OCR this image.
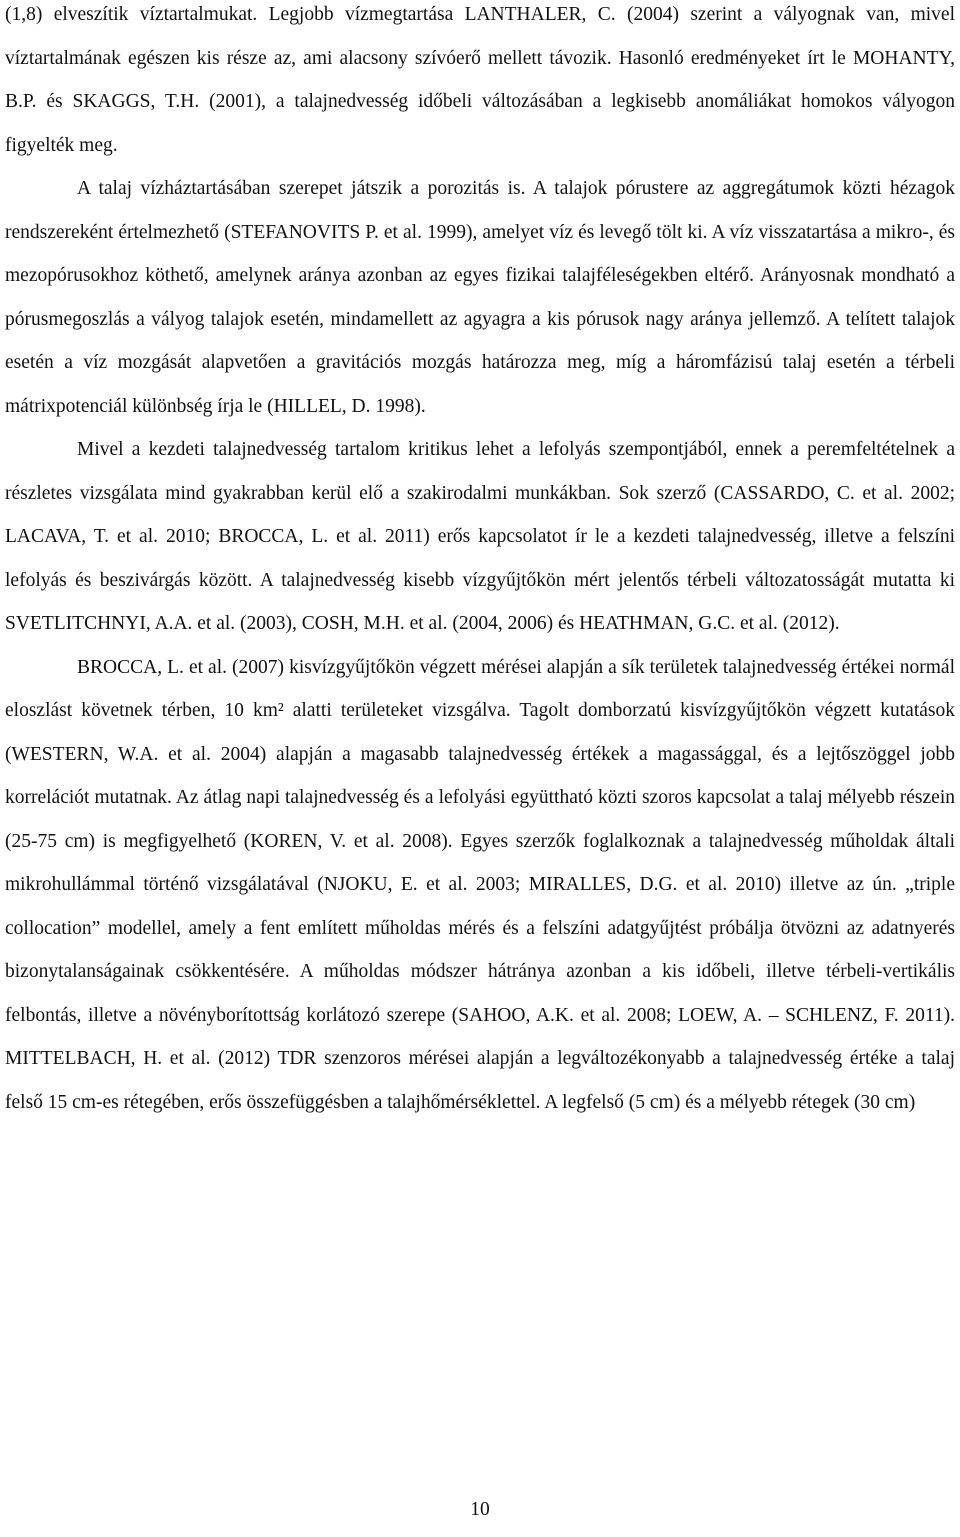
(1,8) elveszítik víztartalmukat. Legjobb vízmegtartása LANTHALER, C. (2004) szerint a vályognak van, mivel víztartalmának egészen kis része az, ami alacsony szívóerő mellett távozik. Hasonló eredményeket írt le MOHANTY, B.P. és SKAGGS, T.H. (2001), a talajnedvesség időbeli változásában a legkisebb anomáliákat homokos vályogon figyelték meg.

A talaj vízháztartásában szerepet játszik a porozitás is. A talajok pórustere az aggregátumok közti hézagok rendszereként értelmezhető (STEFANOVITS P. et al. 1999), amelyet víz és levegő tölt ki. A víz visszatartása a mikro-, és mezopórusokhoz köthető, amelynek aránya azonban az egyes fizikai talajféleségekben eltérő. Arányosnak mondható a pórusmegoszlás a vályog talajok esetén, mindamellett az agyagra a kis pórusok nagy aránya jellemző. A telített talajok esetén a víz mozgását alapvetően a gravitációs mozgás határozza meg, míg a háromfázisú talaj esetén a térbeli mátrixpotenciál különbség írja le (HILLEL, D. 1998).

Mivel a kezdeti talajnedvesség tartalom kritikus lehet a lefolyás szempontjából, ennek a peremfeltételnek a részletes vizsgálata mind gyakrabban kerül elő a szakirodalmi munkákban. Sok szerző (CASSARDO, C. et al. 2002; LACAVA, T. et al. 2010; BROCCA, L. et al. 2011) erős kapcsolatot ír le a kezdeti talajnedvesség, illetve a felszíni lefolyás és beszivárgás között. A talajnedvesség kisebb vízgyűjtőkön mért jelentős térbeli változatosságát mutatta ki SVETLITCHNYI, A.A. et al. (2003), COSH, M.H. et al. (2004, 2006) és HEATHMAN, G.C. et al. (2012).

BROCCA, L. et al. (2007) kisvízgyűjtőkön végzett mérései alapján a sík területek talajnedvesség értékei normál eloszlást követnek térben, 10 km² alatti területeket vizsgálva. Tagolt domborzatú kisvízgyűjtőkön végzett kutatások (WESTERN, W.A. et al. 2004) alapján a magasabb talajnedvesség értékek a magassággal, és a lejtőszöggel jobb korrelációt mutatnak. Az átlag napi talajnedvesség és a lefolyási együttható közti szoros kapcsolat a talaj mélyebb részein (25-75 cm) is megfigyelhető (KOREN, V. et al. 2008). Egyes szerzők foglalkoznak a talajnedvesség műholdak általi mikrohullámmal történő vizsgálatával (NJOKU, E. et al. 2003; MIRALLES, D.G. et al. 2010) illetve az ún. „triple collocation” modellel, amely a fent említett műholdas mérés és a felszíni adatgyűjtést próbálja ötvözni az adatnyerés bizonytalanságainak csökkentésére. A műholdas módszer hátránya azonban a kis időbeli, illetve térbeli-vertikális felbontás, illetve a növényborítottság korlátozó szerepe (SAHOO, A.K. et al. 2008; LOEW, A. – SCHLENZ, F. 2011). MITTELBACH, H. et al. (2012) TDR szenzoros mérései alapján a legváltozékonyabb a talajnedvesség értéke a talaj felső 15 cm-es rétegében, erős összefüggésben a talajhőmérséklettel. A legfelső (5 cm) és a mélyebb rétegek (30 cm)

10
